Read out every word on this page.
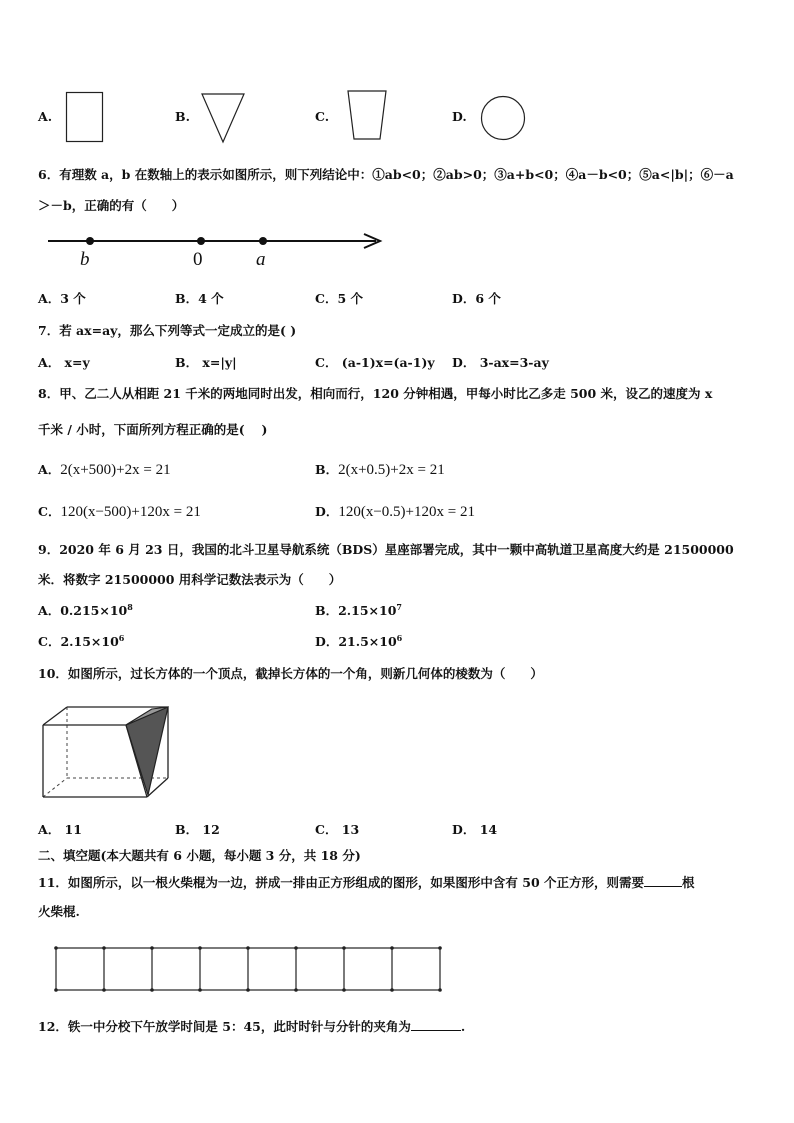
A.	B.	C.	D.
6．有理数 a，b 在数轴上的表示如图所示，则下列结论中：①ab<0；②ab>0；③a+b<0；④a－b<0；⑤a<|b|；⑥－a
＞－b，正确的有（　　）
b	0	a
A．3 个	B．4 个	C．5 个	D．6 个
7．若 ax=ay，那么下列等式一定成立的是( )
A． x=y	B． x=|y|	C． (a-1)x=(a-1)y D． 3-ax=3-ay
8．甲、乙二人从相距 21 千米的两地同时出发，相向而行，120 分钟相遇，甲每小时比乙多走 500 米，设乙的速度为 x
千米 / 小时，下面所列方程正确的是(　 )
A．2(x+500)+2x = 21	B．2(x+0.5)+2x = 21
C．120(x−500)+120x = 21	D．120(x−0.5)+120x = 21
9．2020 年 6 月 23 日，我国的北斗卫星导航系统（BDS）星座部署完成，其中一颗中高轨道卫星高度大约是 21500000
米．将数字 21500000 用科学记数法表示为（　　）
A．$0.215\times 10^8$	B．$2.15\times 10^7$
C．$2.15\times 10^6$	D．$21.5\times 10^6$
10．如图所示，过长方体的一个顶点，截掉长方体的一个角，则新几何体的棱数为（　　）
A． 11	B． 12	C． 13	D． 14
二、填空题(本大题共有 6 小题，每小题 3 分，共 18 分)
11．如图所示，以一根火柴棍为一边，拼成一排由正方形组成的图形，如果图形中含有 50 个正方形，则需要	根
火柴棍.
12．铁一中分校下午放学时间是 5：45，此时时针与分针的夹角为	.
